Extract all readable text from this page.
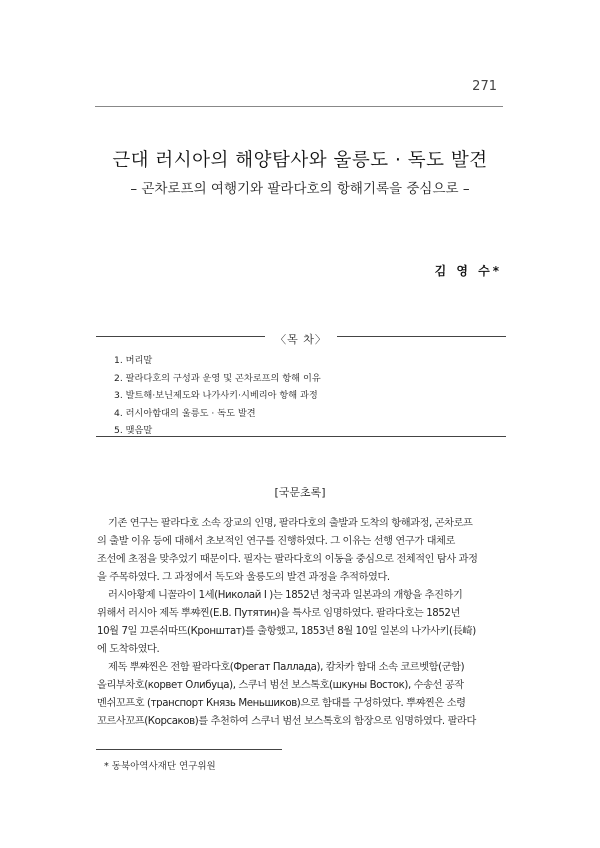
271
근대 러시아의 해양탐사와 울릉도 · 독도 발견
– 곤차로프의 여행기와 팔라다호의 항해기록을 중심으로 –
김 영 수*
〈목 차〉
1. 머리말
2. 팔라다호의 구성과 운영 및 곤차로프의 항해 이유
3. 발트해·보닌제도와 나가사키·시베리아 항해 과정
4. 러시아함대의 울릉도 · 독도 발견
5. 맺음말
[국문초록]

기존 연구는 팔라다호 소속 장교의 인명, 팔라다호의 출발과 도착의 항해과정, 곤차로프
의 출발 이유 등에 대해서 초보적인 연구를 진행하였다. 그 이유는 선행 연구가 대체로
조선에 초점을 맞추었기 때문이다. 필자는 팔라다호의 이동을 중심으로 전체적인 탐사 과정
을 주목하였다. 그 과정에서 독도와 울릉도의 발견 과정을 추적하였다.

러시아황제 니꼴라이 1세(Николай I )는 1852년 청국과 일본과의 개항을 추진하기
위해서 러시아 제독 뿌쨔찐(Е.В. Путятин)을 특사로 임명하였다. 팔라다호는 1852년
10월 7일 끄론쉬따뜨(Кронштат)를 출항했고, 1853년 8월 10일 일본의 나가사키(長崎)
에 도착하였다.

제독 뿌쨔찐은 전함 팔라다호(Фрегат Паллада), 캄차카 함대 소속 코르벳함(군함)
올리부차호(корвет Олибуца), 스쿠너 범선 보스톡호(шкуны Восток), 수송선 공작
멘쉬꼬프호 (транспорт Князь Меньшиков)으로 함대를 구성하였다. 뿌쨔찐은 소령
꼬르사꼬프(Корсаков)를 추천하여 스쿠너 범선 보스톡호의 함장으로 임명하였다. 팔라다

* 동북아역사재단 연구위원
